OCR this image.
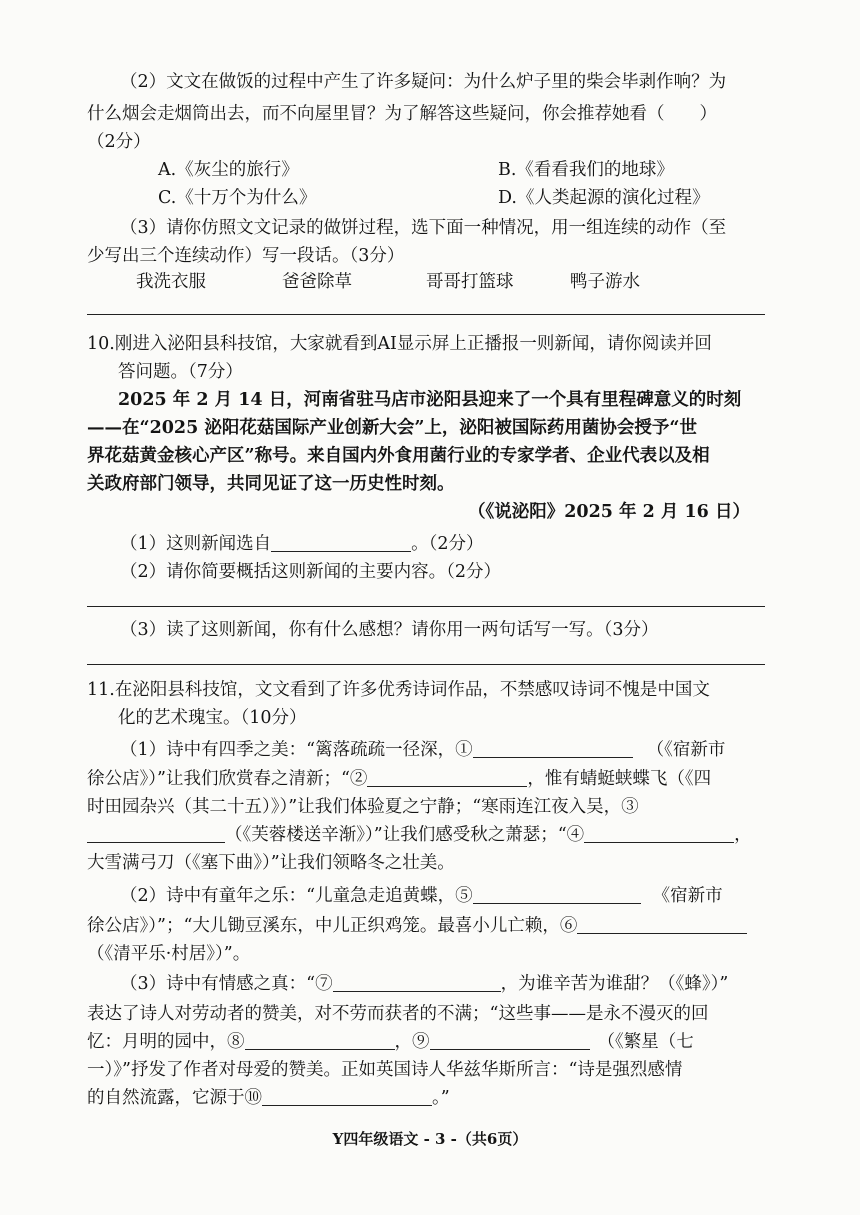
（2）文文在做饭的过程中产生了许多疑问：为什么炉子里的柴会毕剥作响？为
什么烟会走烟筒出去，而不向屋里冒？为了解答这些疑问，你会推荐她看（　　）
（2分）
A.《灰尘的旅行》	B.《看看我们的地球》
C.《十万个为什么》	D.《人类起源的演化过程》
（3）请你仿照文文记录的做饼过程，选下面一种情况，用一组连续的动作（至
少写出三个连续动作）写一段话。（3分）
我洗衣服	爸爸除草	哥哥打篮球	鸭子游水
10.刚进入泌阳县科技馆，大家就看到AI显示屏上正播报一则新闻，请你阅读并回
答问题。（7分）
2025 年 2 月 14 日，河南省驻马店市泌阳县迎来了一个具有里程碑意义的时刻
——在“2025 泌阳花菇国际产业创新大会”上，泌阳被国际药用菌协会授予“世
界花菇黄金核心产区”称号。来自国内外食用菌行业的专家学者、企业代表以及相
关政府部门领导，共同见证了这一历史性时刻。
（《说泌阳》2025 年 2 月 16 日）
（1）这则新闻选自	。（2分）
（2）请你简要概括这则新闻的主要内容。（2分）
（3）读了这则新闻，你有什么感想？请你用一两句话写一写。（3分）
11.在泌阳县科技馆，文文看到了许多优秀诗词作品，不禁感叹诗词不愧是中国文
化的艺术瑰宝。（10分）
（1）诗中有四季之美：“篱落疏疏一径深，①	（《宿新市
徐公店》）”让我们欣赏春之清新；“②	，惟有蜻蜓蛱蝶飞（《四
时田园杂兴（其二十五）》）”让我们体验夏之宁静；“寒雨连江夜入吴，③
（《芙蓉楼送辛渐》）”让我们感受秋之萧瑟；“④	，
大雪满弓刀（《塞下曲》）”让我们领略冬之壮美。
（2）诗中有童年之乐：“儿童急走追黄蝶，⑤	《宿新市
徐公店》）”；“大儿锄豆溪东，中儿正织鸡笼。最喜小儿亡赖，⑥
（《清平乐·村居》）”。
（3）诗中有情感之真：“⑦	，为谁辛苦为谁甜？（《蜂》）”
表达了诗人对劳动者的赞美，对不劳而获者的不满；“这些事——是永不漫灭的回
忆：月明的园中，⑧	，⑨	（《繁星（七
一）》”抒发了作者对母爱的赞美。正如英国诗人华兹华斯所言：“诗是强烈感情
的自然流露，它源于⑩	。”
Y四年级语文 - 3 -（共6页）
